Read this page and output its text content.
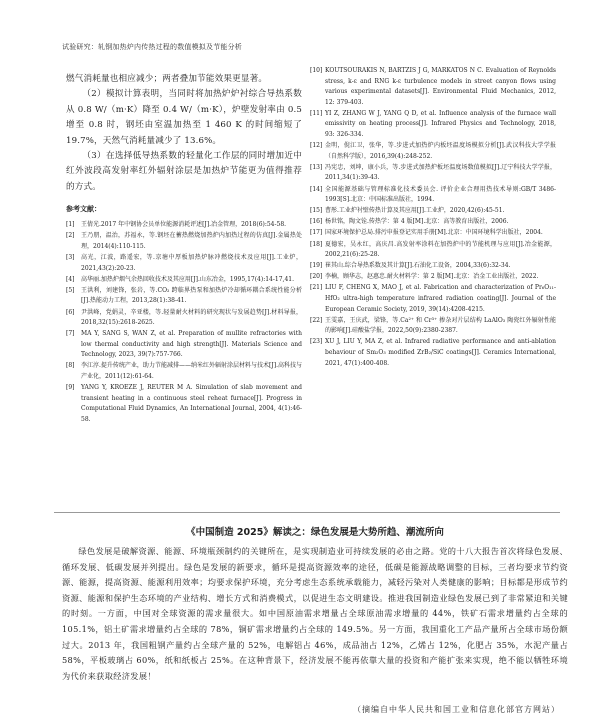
试验研究：轧钢加热炉内传热过程的数值模拟及节能分析

燃气消耗量也相应减少；两者叠加节能效果更显著。

（2）模拟计算表明，当同时将加热炉炉衬综合导热系数从 0.8 W/（m·K）降至 0.4 W/（m·K），炉壁发射率由 0.5 增至 0.8 时，钢坯由室温加热至 1 460 K 的时间缩短了 19.7%，天然气消耗量减少了 13.6%。

（3）在选择低导热系数的轻量化工作层的同时增加近中红外波段高发射率红外辐射涂层是加热炉节能更为值得推荐的方式。

参考文献：
[1]	王倩光.2017 年中钢协会员单位能源消耗评述[J].冶金管理，2018(6):54-58.
[2]	王乃朋，温治，苏福永，等.钢坯在蓄热燃烧加热炉内加热过程的仿真[J].金属热处理，2014(4):110-115.
[3]	高光，江波，路遥宏，等.京塘中厚板加热炉脉冲燃烧技术及应用[J].工业炉，2021,43(2):20-23.
[4]	高华丽.加热炉烟气余热回收技术及其应用[J].山东冶金，1995,17(4):14-17,41.
[5]	王洪利，刘建锋，张岩，等.CO₂ 跨临界热泵和加热炉冷却循环耦合系统性能分析[J].热能动力工程，2013,28(1):38-41.
[6]	尹洪峰，党娟灵，辛亚楼，等.轻量耐火材料的研究现状与发展趋势[J].材料导报，2018,32(15):2618-2625.
[7]	MA Y, SANG S, WAN Z, et al. Preparation of mullite refractories with low thermal conductivity and high strength[J]. Materials Science and Technology, 2023, 39(7):757-766.
[8]	李江淳.提升传统产业，助力节能减排——纳米红外辐射涂层材料与技术[J].高科技与产业化，2011(12):61-64.
[9]	YANG Y, KROEZE J, REUTER M A. Simulation of slab movement and transient heating in a continuous steel reheat furnace[J]. Progress in Computational Fluid Dynamics, An International Journal, 2004, 4(1):46-58.
[10] KOUTSOURAKIS N, BARTZIS J G, MARKATOS N C. Evaluation of Reynolds stress, k-ε and RNG k-ε turbulence models in street canyon flows using various experimental datasets[J]. Environmental Fluid Mechanics, 2012, 12: 379-403.
[11] YI Z, ZHANG W J, YANG Q D, et al. Influence analysis of the furnace wall emissivity on heating process[J]. Infrared Physics and Technology, 2018, 93: 326-334.
[12] 金明，倪江卫，张华，等.步进式加热炉内板坯温度场模拟分析[J].武汉科技大学学报（自然科学版），2016,39(4):248-252.
[13] 冯宪忠，刘坤，康小兵，等.步进式加热炉板坯温度场数值模拟[J].辽宁科技大学学报，2011,34(1):39-43.
[14] 全国能源基础与管理标准化技术委员会. 评价企业合理用热技术导则:GB/T 3486-1993[S].北京：中国标准出版社，1994.
[15] 曹彤.工业炉衬壁传热计算及其应用[J].工业炉，2020,42(6):45-51.
[16] 杨世铭，陶文铨.传热学：第 4 版[M].北京：高等教育出版社，2006.
[17] 国家环境保护总局.排污申报登记实用手册[M].北京：中国环境科学出版社，2004.
[18] 夏德宏，吴永红，高庆昌.高发射率涂料在加热炉中的节能机理与应用[J].冶金能源，2002,21(6):25-28.
[19] 崔其山.综合导热系数及其计算[J].石油化工设备，2004,33(6):32-34.
[20] 李楠，顾华志，赵惠忠.耐火材料学：第 2 版[M].北京：冶金工业出版社，2022.
[21] LIU F, CHENG X, MAO J, et al. Fabrication and characterization of Pr₆O₁₁-HfO₂ ultra-high temperature infrared radiation coating[J]. Journal of the European Ceramic Society, 2019, 39(14):4208-4215.
[22] 王雯嘉，王庆武，梁锋，等.Ca²⁺ 和 Cr³⁺ 掺杂对片层结构 LaAlO₃ 陶瓷红外辐射性能的影响[J].硅酸盐学报，2022,50(9):2380-2387.
[23] XU J, LIU Y, MA Z, et al. Infrared radiative performance and anti-ablation behaviour of Sm₂O₃ modified ZrB₂/SiC coatings[J]. Ceramics International, 2021, 47(1):400-408.
《中国制造 2025》解读之：绿色发展是大势所趋、潮流所向

绿色发展是破解资源、能源、环境瓶颈制约的关键所在，是实现制造业可持续发展的必由之路。党的十八大报告首次将绿色发展、循环发展、低碳发展并列提出。绿色是发展的新要求，循环是提高资源效率的途径，低碳是能源战略调整的目标，三者均要求节约资源、能源，提高资源、能源利用效率；均要求保护环境，充分考虑生态系统承载能力，减轻污染对人类健康的影响；目标都是形成节约资源、能源和保护生态环境的产业结构、增长方式和消费模式，以促进生态文明建设。推进我国制造业绿色发展已到了非常紧迫和关键的时刻。一方面，中国对全球资源的需求量很大。如中国原油需求增量占全球原油需求增量的 44%，铁矿石需求增量约占全球的 105.1%，铝土矿需求增量约占全球的 78%，铜矿需求增量约占全球的 149.5%。另一方面，我国重化工产品产量所占全球市场份额过大。2013 年，我国粗钢产量约占全球产量的 52%，电解铝占 46%，成品油占 12%，乙烯占 12%，化肥占 35%，水泥产量占 58%，平板玻璃占 60%，纸和纸板占 25%。在这种背景下，经济发展不能再依靠大量的投资和产能扩张来实现，绝不能以牺牲环境为代价来获取经济发展！

（摘编自中华人民共和国工业和信息化部官方网站）
